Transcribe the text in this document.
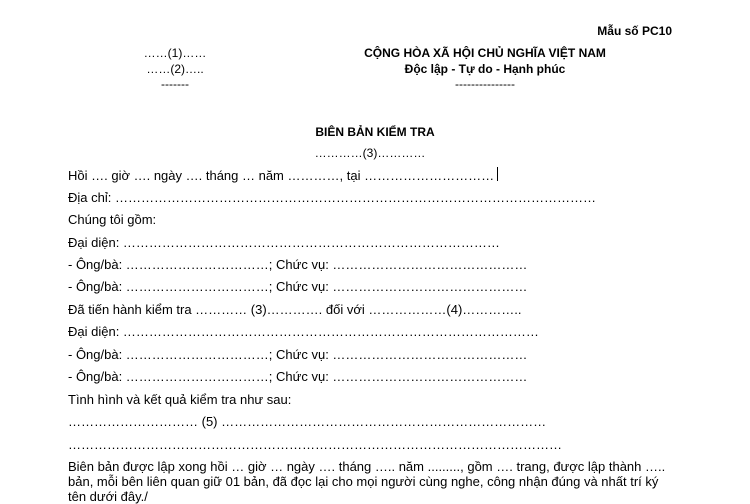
Mẫu số PC10
……(1)……
……(2)…..
-------
CỘNG HÒA XÃ HỘI CHỦ NGHĨA VIỆT NAM
Độc lập - Tự do - Hạnh phúc
---------------
BIÊN BẢN KIỂM TRA
…………(3)…………
Hồi …. giờ …. ngày …. tháng … năm …………, tại …………………………
Địa chỉ: …………………………………………………………………………………………………
Chúng tôi gồm:
Đại diện: ……………………………………………………………………………
- Ông/bà: ……………………………; Chức vụ: ………………………………………
- Ông/bà: ……………………………; Chức vụ: ………………………………………
Đã tiến hành kiểm tra ………… (3)…………. đối với ………………(4)…………..
Đại diện: ……………………………………………………………………………………
- Ông/bà: ……………………………; Chức vụ: ………………………………………
- Ông/bà: ……………………………; Chức vụ: ………………………………………
Tình hình và kết quả kiểm tra như sau:
………………………… (5) …………………………………………………………………
……………………………………………………………………………………………………
Biên bản được lập xong hồi … giờ … ngày …. tháng ….. năm ........., gồm …. trang, được lập thành …..
bản, mỗi bên liên quan giữ 01 bản, đã đọc lại cho mọi người cùng nghe, công nhận đúng và nhất trí ký
tên dưới đây./
